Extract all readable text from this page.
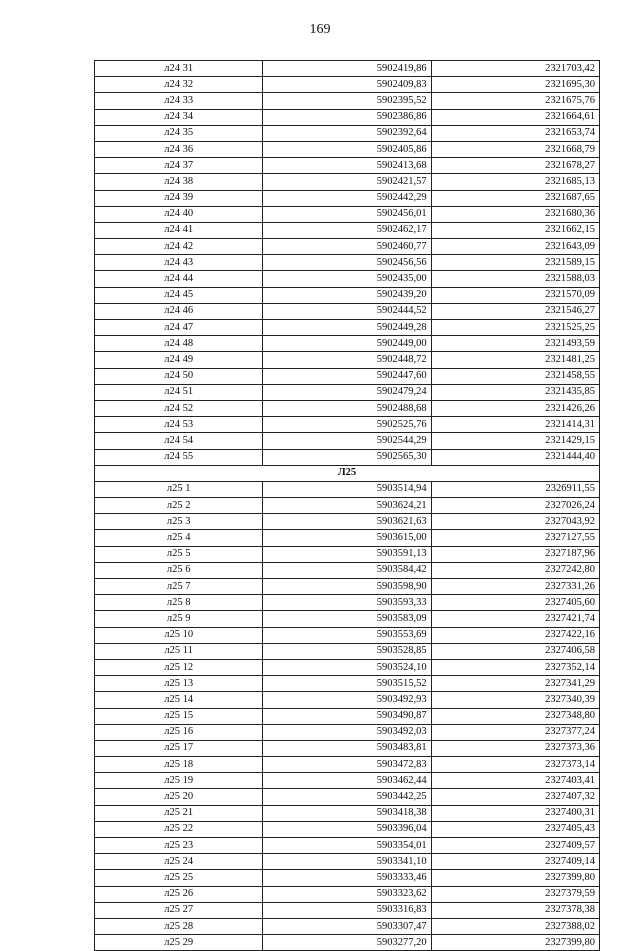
169
л24 31	5902419,86	2321703,42
л24 32	5902409,83	2321695,30
л24 33	5902395,52	2321675,76
л24 34	5902386,86	2321664,61
л24 35	5902392,64	2321653,74
л24 36	5902405,86	2321668,79
л24 37	5902413,68	2321678,27
л24 38	5902421,57	2321685,13
л24 39	5902442,29	2321687,65
л24 40	5902456,01	2321680,36
л24 41	5902462,17	2321662,15
л24 42	5902460,77	2321643,09
л24 43	5902456,56	2321589,15
л24 44	5902435,00	2321588,03
л24 45	5902439,20	2321570,09
л24 46	5902444,52	2321546,27
л24 47	5902449,28	2321525,25
л24 48	5902449,00	2321493,59
л24 49	5902448,72	2321481,25
л24 50	5902447,60	2321458,55
л24 51	5902479,24	2321435,85
л24 52	5902488,68	2321426,26
л24 53	5902525,76	2321414,31
л24 54	5902544,29	2321429,15
л24 55	5902565,30	2321444,40
Л25		
л25 1	5903514,94	2326911,55
л25 2	5903624,21	2327026,24
л25 3	5903621,63	2327043,92
л25 4	5903615,00	2327127,55
л25 5	5903591,13	2327187,96
л25 6	5903584,42	2327242,80
л25 7	5903598,90	2327331,26
л25 8	5903593,33	2327405,60
л25 9	5903583,09	2327421,74
л25 10	5903553,69	2327422,16
л25 11	5903528,85	2327406,58
л25 12	5903524,10	2327352,14
л25 13	5903515,52	2327341,29
л25 14	5903492,93	2327340,39
л25 15	5903490,87	2327348,80
л25 16	5903492,03	2327377,24
л25 17	5903483,81	2327373,36
л25 18	5903472,83	2327373,14
л25 19	5903462,44	2327403,41
л25 20	5903442,25	2327407,32
л25 21	5903418,38	2327400,31
л25 22	5903396,04	2327405,43
л25 23	5903354,01	2327409,57
л25 24	5903341,10	2327409,14
л25 25	5903333,46	2327399,80
л25 26	5903323,62	2327379,59
л25 27	5903316,83	2327378,38
л25 28	5903307,47	2327388,02
л25 29	5903277,20	2327399,80
